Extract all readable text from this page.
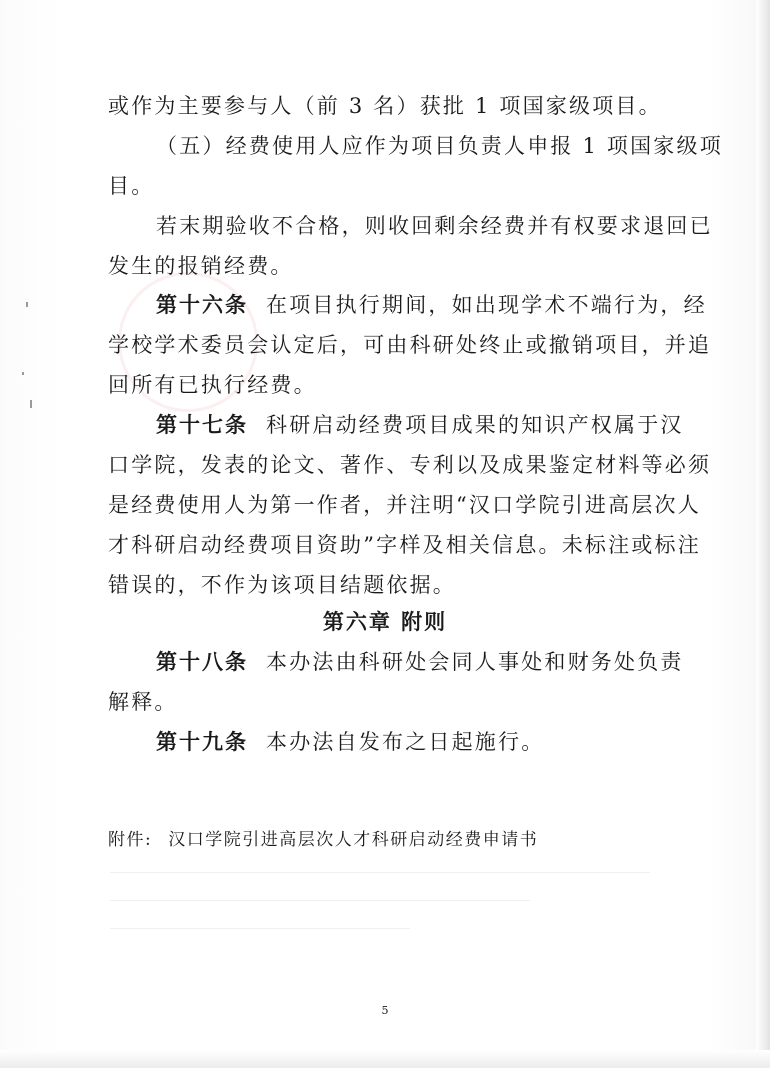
或作为主要参与人（前 3 名）获批 1 项国家级项目。
（五）经费使用人应作为项目负责人申报 1 项国家级项
目。
若末期验收不合格，则收回剩余经费并有权要求退回已
发生的报销经费。
第十六条 在项目执行期间，如出现学术不端行为，经
学校学术委员会认定后，可由科研处终止或撤销项目，并追
回所有已执行经费。
第十七条 科研启动经费项目成果的知识产权属于汉
口学院，发表的论文、著作、专利以及成果鉴定材料等必须
是经费使用人为第一作者，并注明“汉口学院引进高层次人
才科研启动经费项目资助”字样及相关信息。未标注或标注
错误的，不作为该项目结题依据。
第六章 附则
第十八条 本办法由科研处会同人事处和财务处负责
解释。
第十九条 本办法自发布之日起施行。
附件: 汉口学院引进高层次人才科研启动经费申请书
5
